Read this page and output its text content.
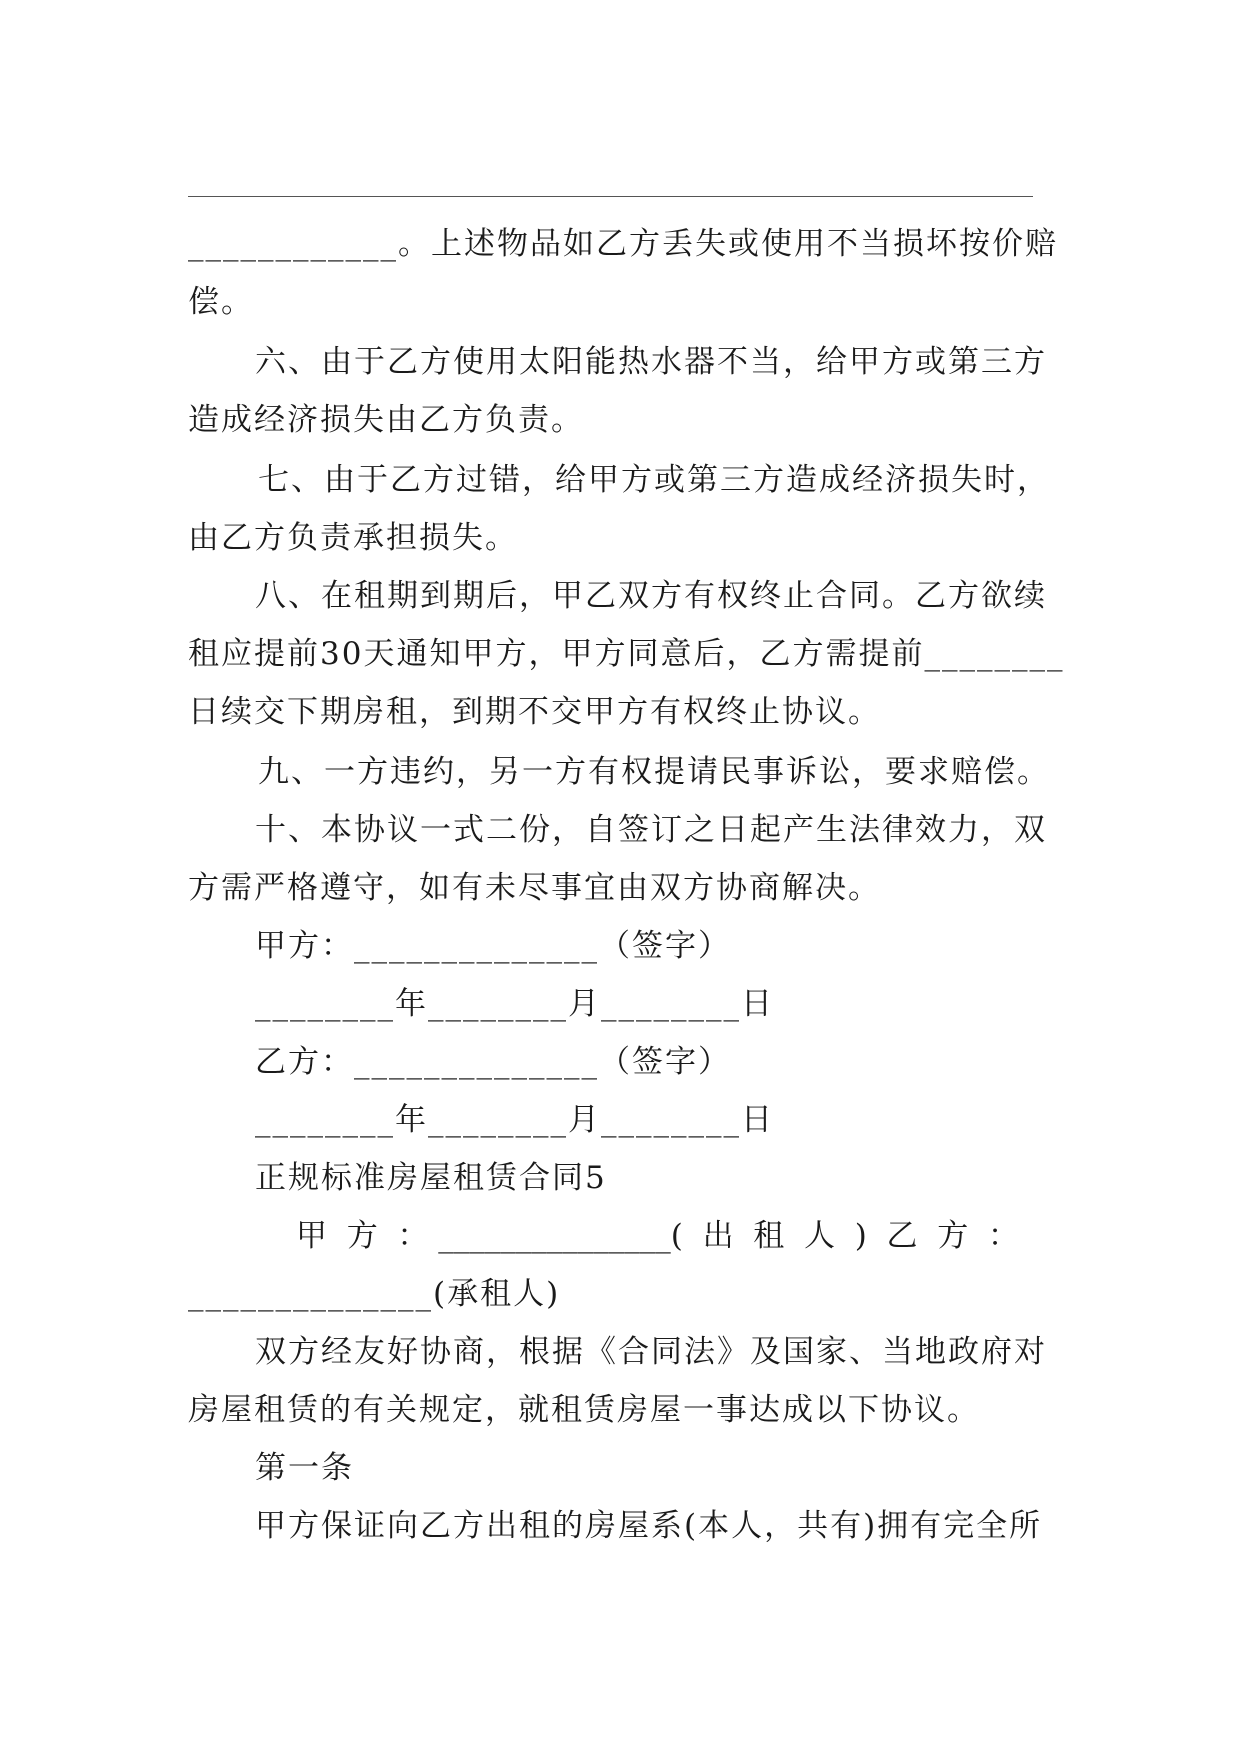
____________。上述物品如乙方丢失或使用不当损坏按价赔
偿。
六、由于乙方使用太阳能热水器不当，给甲方或第三方
造成经济损失由乙方负责。
七、由于乙方过错，给甲方或第三方造成经济损失时，
由乙方负责承担损失。
八、在租期到期后，甲乙双方有权终止合同。乙方欲续
租应提前30天通知甲方，甲方同意后，乙方需提前________
日续交下期房租，到期不交甲方有权终止协议。
九、一方违约，另一方有权提请民事诉讼，要求赔偿。
十、本协议一式二份，自签订之日起产生法律效力，双
方需严格遵守，如有未尽事宜由双方协商解决。
甲方：______________（签字）
________年________月________日
乙方：______________（签字）
________年________月________日
正规标准房屋租赁合同5
甲  方  ： _______________(  出  租  人  )  乙  方  ：
______________(承租人)
双方经友好协商，根据《合同法》及国家、当地政府对
房屋租赁的有关规定，就租赁房屋一事达成以下协议。
第一条
甲方保证向乙方出租的房屋系(本人，共有)拥有完全所
